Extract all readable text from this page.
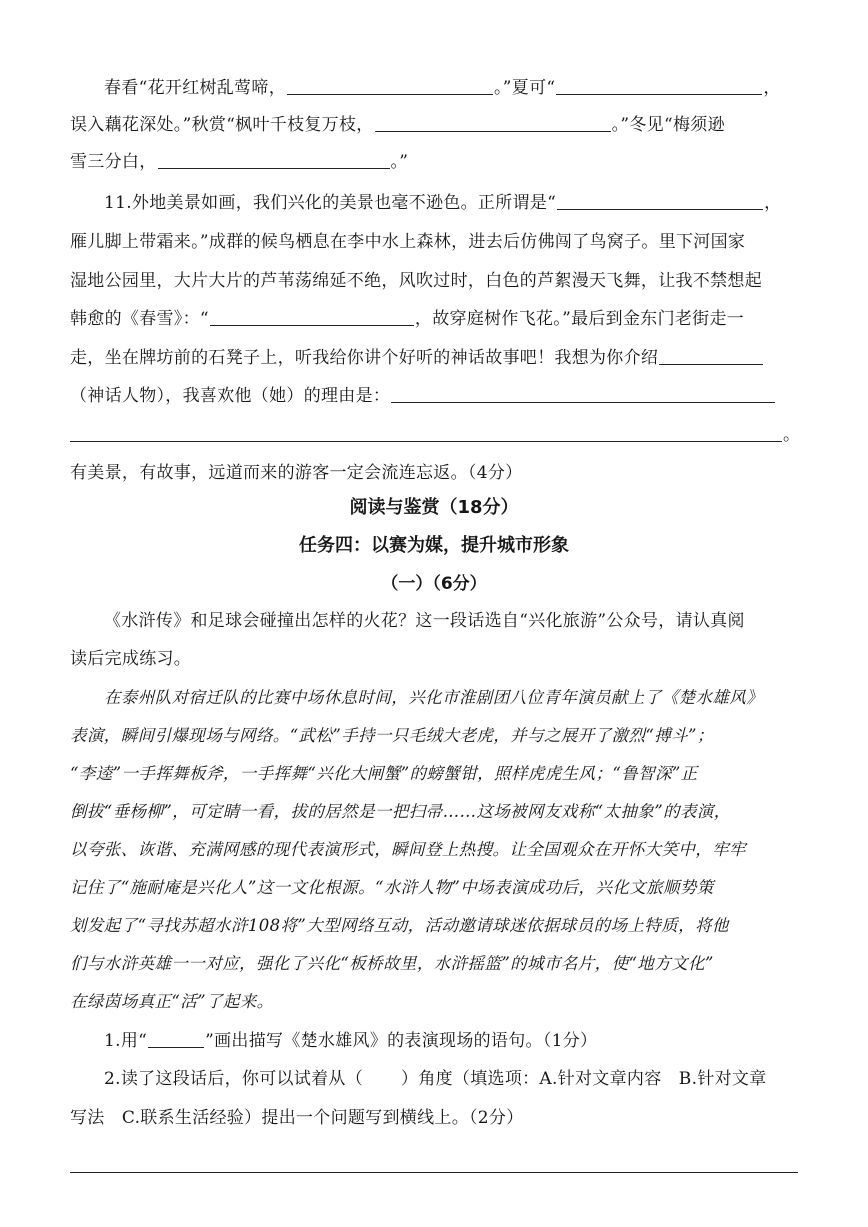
春看“花开红树乱莺啼，	。”夏可“	，
误入藕花深处。”秋赏“枫叶千枝复万枝，	。”冬见“梅须逊
雪三分白，	。”
11.外地美景如画，我们兴化的美景也毫不逊色。正所谓是“	，
雁儿脚上带霜来。”成群的候鸟栖息在李中水上森林，进去后仿佛闯了鸟窝子。里下河国家
湿地公园里，大片大片的芦苇荡绵延不绝，风吹过时，白色的芦絮漫天飞舞，让我不禁想起
韩愈的《春雪》：“	，故穿庭树作飞花。”最后到金东门老街走一
走，坐在牌坊前的石凳子上，听我给你讲个好听的神话故事吧！我想为你介绍
（神话人物），我喜欢他（她）的理由是：
。
有美景，有故事，远道而来的游客一定会流连忘返。（4分）
阅读与鉴赏（18分）
任务四：以赛为媒，提升城市形象
（一）（6分）
《水浒传》和足球会碰撞出怎样的火花？这一段话选自“兴化旅游”公众号，请认真阅
读后完成练习。
在泰州队对宿迁队的比赛中场休息时间，兴化市淮剧团八位青年演员献上了《楚水雄风》
表演，瞬间引爆现场与网络。“武松”手持一只毛绒大老虎，并与之展开了激烈“搏斗”；
“李逵”一手挥舞板斧，一手挥舞“兴化大闸蟹”的螃蟹钳，照样虎虎生风；“鲁智深”正
倒拔“垂杨柳”，可定睛一看，拔的居然是一把扫帚……这场被网友戏称“太抽象”的表演，
以夸张、诙谐、充满网感的现代表演形式，瞬间登上热搜。让全国观众在开怀大笑中，牢牢
记住了“施耐庵是兴化人”这一文化根源。“水浒人物”中场表演成功后，兴化文旅顺势策
划发起了“寻找苏超水浒108将”大型网络互动，活动邀请球迷依据球员的场上特质，将他
们与水浒英雄一一对应，强化了兴化“板桥故里，水浒摇篮”的城市名片，使“地方文化”
在绿茵场真正“活”了起来。
1.用“	”画出描写《楚水雄风》的表演现场的语句。（1分）
2.读了这段话后，你可以试着从（ ）角度（填选项：A.针对文章内容　B.针对文章
写法　C.联系生活经验）提出一个问题写到横线上。（2分）
